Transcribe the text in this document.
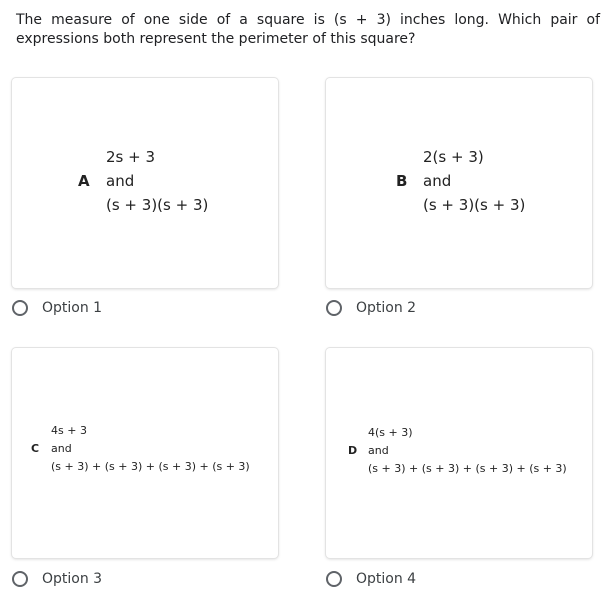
The measure of one side of a square is (s + 3) inches long. Which pair of expressions both represent the perimeter of this square?
2s + 3
A and
(s + 3)(s + 3)
Option 1
2(s + 3)
B and
(s + 3)(s + 3)
Option 2
4s + 3
C and
(s + 3) + (s + 3) + (s + 3) + (s + 3)
Option 3
4(s + 3)
D and
(s + 3) + (s + 3) + (s + 3) + (s + 3)
Option 4
